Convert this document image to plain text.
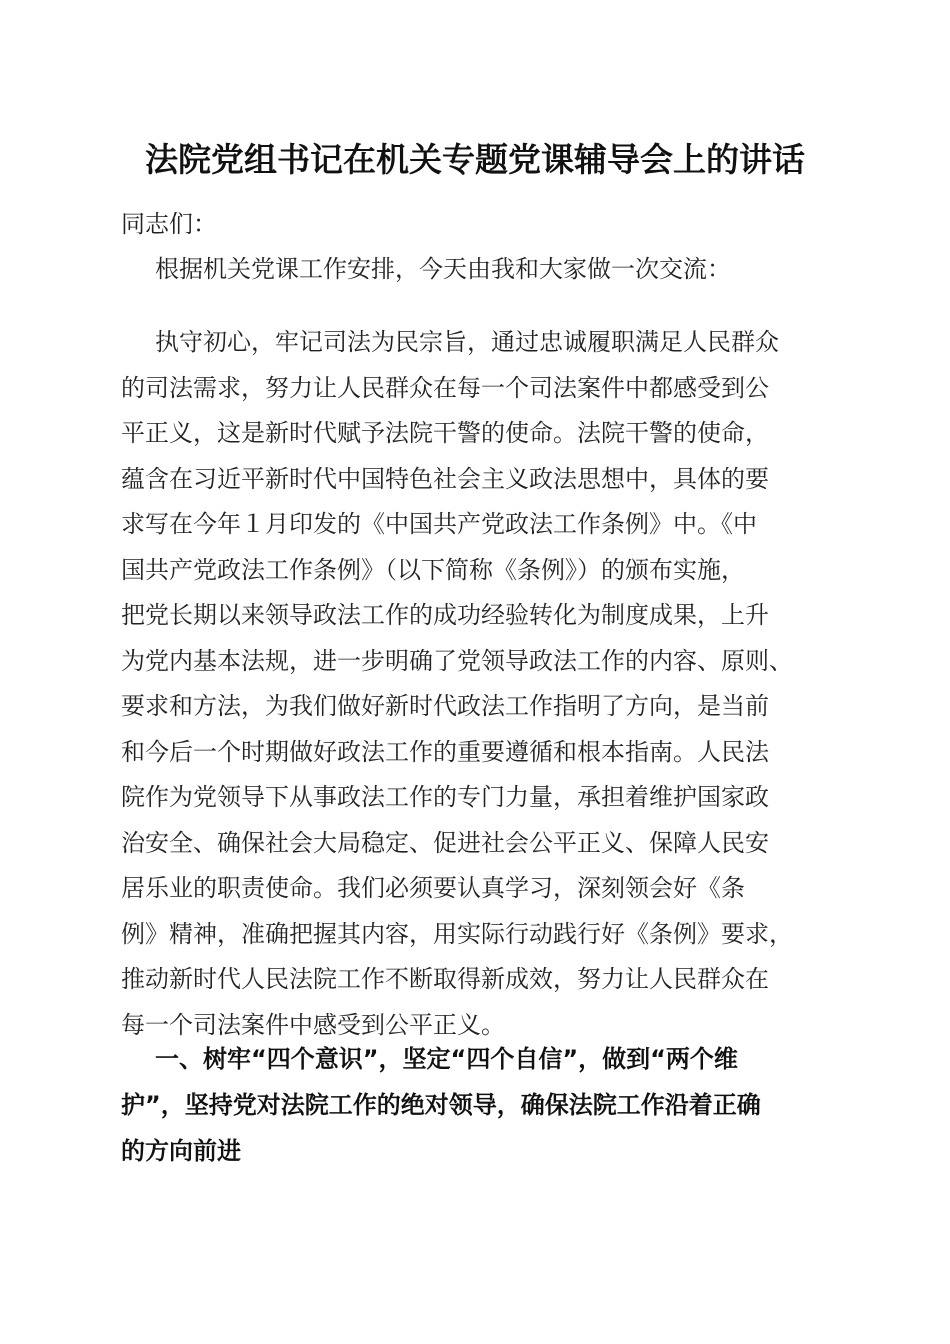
法院党组书记在机关专题党课辅导会上的讲话

同志们：

根据机关党课工作安排，今天由我和大家做一次交流：

执守初心，牢记司法为民宗旨，通过忠诚履职满足人民群众
的司法需求，努力让人民群众在每一个司法案件中都感受到公
平正义，这是新时代赋予法院干警的使命。法院干警的使命，
蕴含在习近平新时代中国特色社会主义政法思想中，具体的要
求写在今年１月印发的《中国共产党政法工作条例》中。《中
国共产党政法工作条例》（以下简称《条例》）的颁布实施，
把党长期以来领导政法工作的成功经验转化为制度成果，上升
为党内基本法规，进一步明确了党领导政法工作的内容、原则、
要求和方法，为我们做好新时代政法工作指明了方向，是当前
和今后一个时期做好政法工作的重要遵循和根本指南。人民法
院作为党领导下从事政法工作的专门力量，承担着维护国家政
治安全、确保社会大局稳定、促进社会公平正义、保障人民安
居乐业的职责使命。我们必须要认真学习，深刻领会好《条
例》精神，准确把握其内容，用实际行动践行好《条例》要求，
推动新时代人民法院工作不断取得新成效，努力让人民群众在
每一个司法案件中感受到公平正义。

一、树牢“四个意识”，坚定“四个自信”，做到“两个维
护”，坚持党对法院工作的绝对领导，确保法院工作沿着正确
的方向前进
